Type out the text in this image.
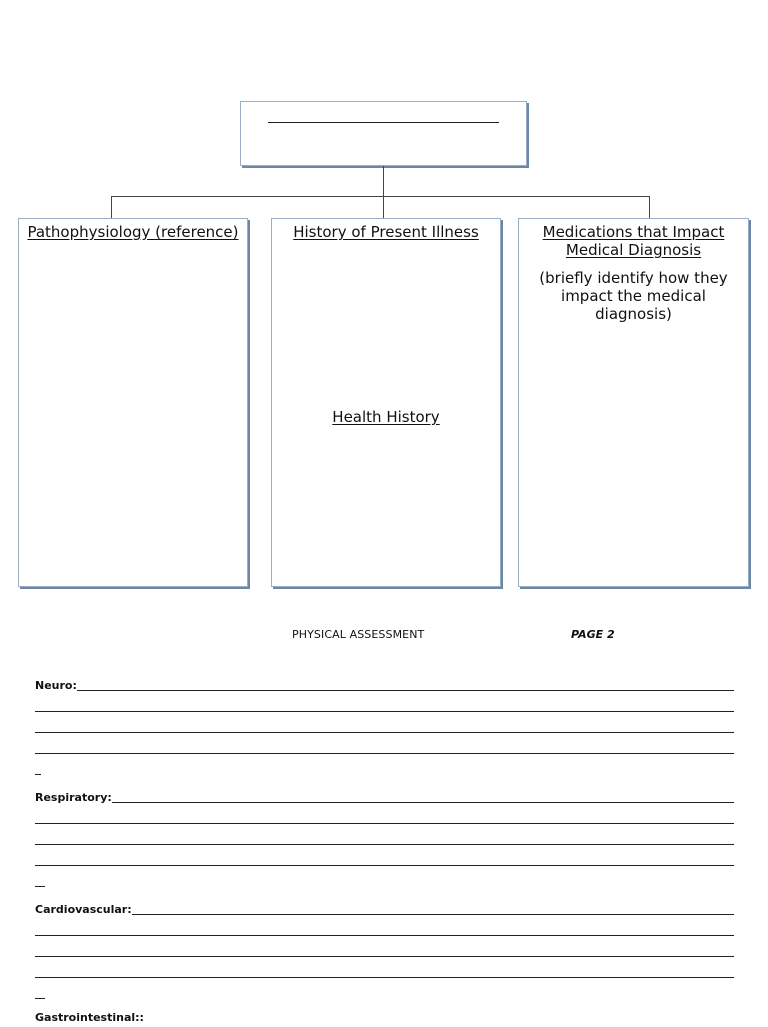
Pathophysiology (reference)	History of Present Illness
Health History
Medications that Impact Medical Diagnosis
(briefly identify how they impact the medical diagnosis)
PHYSICAL ASSESSMENT	PAGE 2
Neuro:
Respiratory:
Cardiovascular:
Gastrointestinal::
